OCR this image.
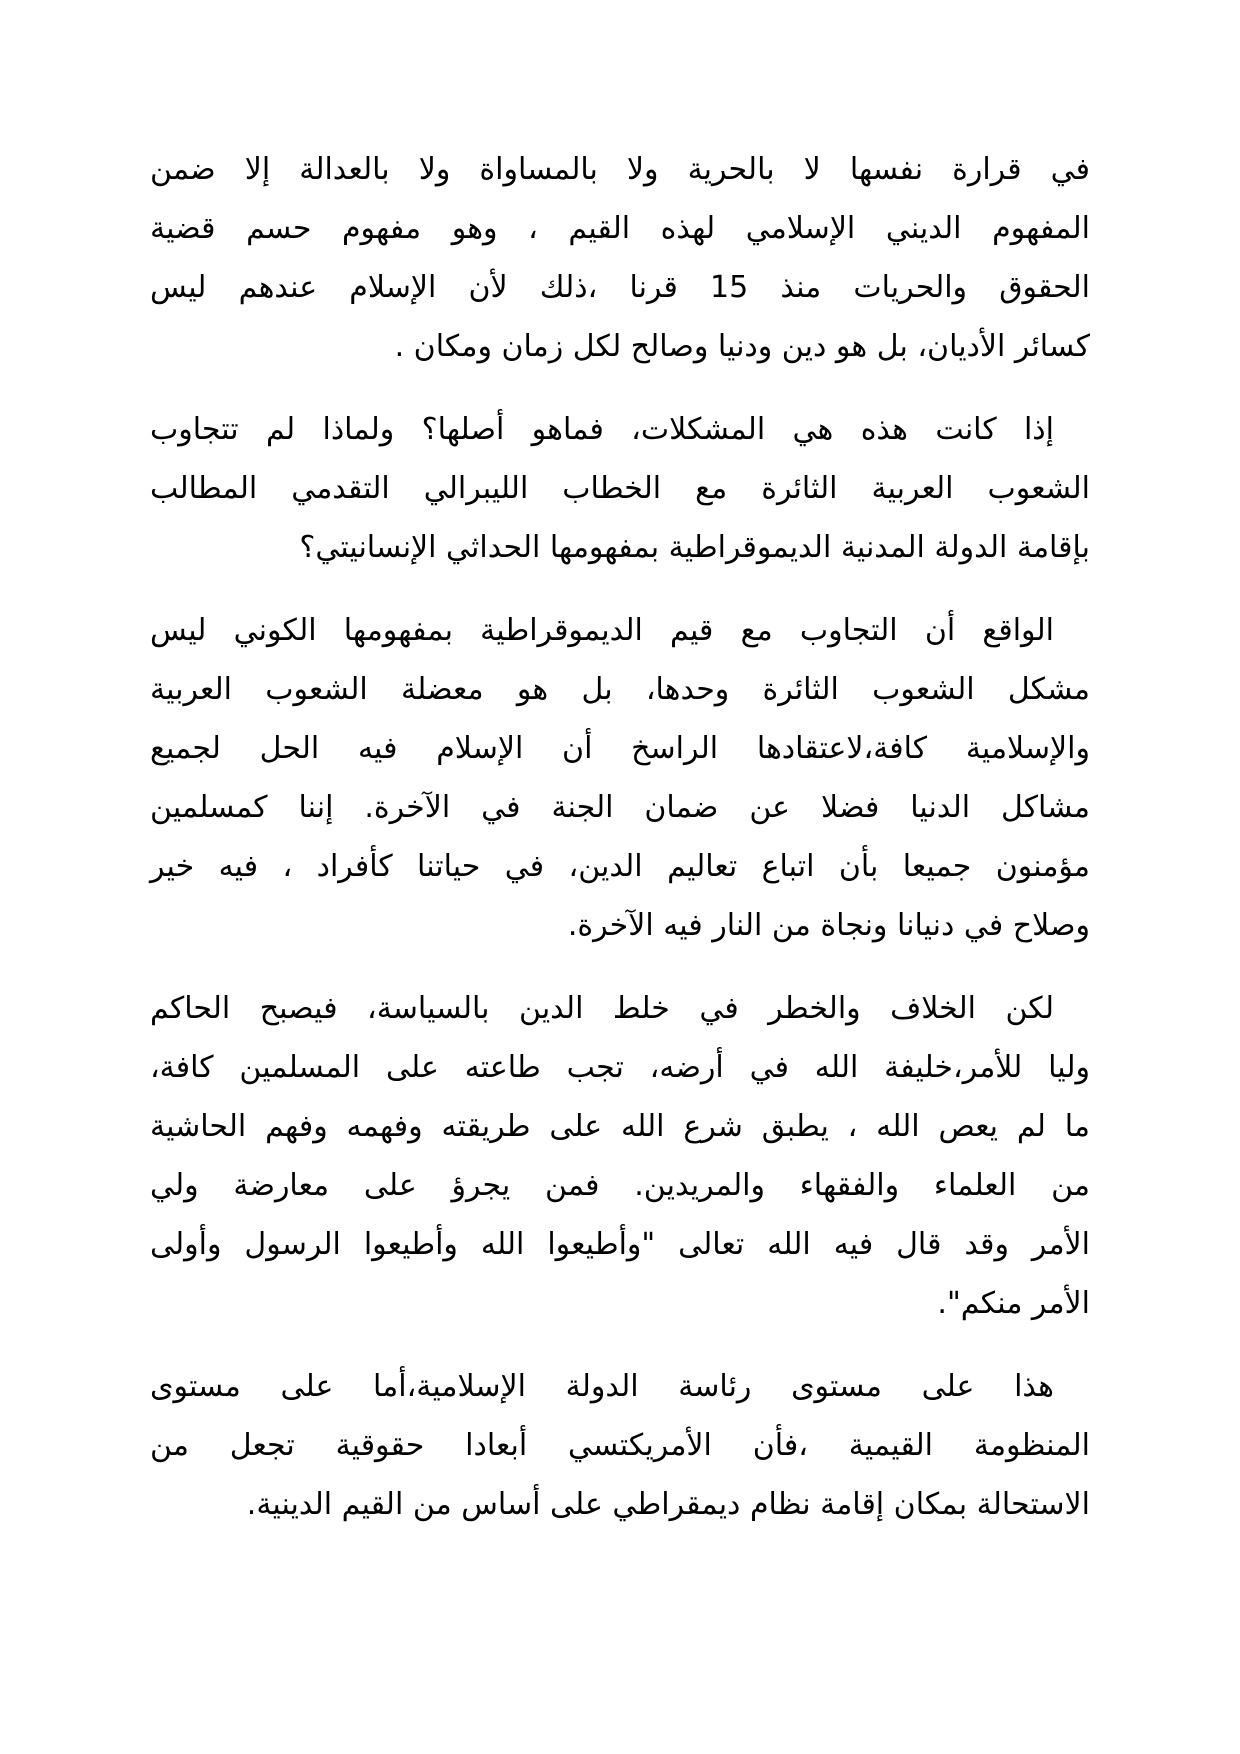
في قرارة نفسها لا بالحرية ولا بالمساواة ولا بالعدالة إلا ضمن
المفهوم الديني الإسلامي لهذه القيم ، وهو مفهوم حسم قضية
الحقوق والحريات منذ 15 قرنا ،ذلك لأن الإسلام عندهم ليس
كسائر الأديان، بل هو دين ودنيا وصالح لكل زمان ومكان .

إذا كانت هذه هي المشكلات، فماهو أصلها؟ ولماذا لم تتجاوب
الشعوب العربية الثائرة مع الخطاب الليبرالي التقدمي المطالب
بإقامة الدولة المدنية الديموقراطية بمفهومها الحداثي الإنسانيتي؟

الواقع أن التجاوب مع قيم الديموقراطية بمفهومها الكوني ليس
مشكل الشعوب الثائرة وحدها، بل هو معضلة الشعوب العربية
والإسلامية كافة،لاعتقادها الراسخ أن الإسلام فيه الحل لجميع
مشاكل الدنيا فضلا عن ضمان الجنة في الآخرة. إننا كمسلمين
مؤمنون جميعا بأن اتباع تعاليم الدين، في حياتنا كأفراد ، فيه خير
وصلاح في دنيانا ونجاة من النار فيه الآخرة.

لكن الخلاف والخطر في خلط الدين بالسياسة، فيصبح الحاكم
وليا للأمر،خليفة الله في أرضه، تجب طاعته على المسلمين كافة،
ما لم يعص الله ، يطبق شرع الله على طريقته وفهمه وفهم الحاشية
من العلماء والفقهاء والمريدين. فمن يجرؤ على معارضة ولي
الأمر وقد قال فيه الله تعالى "وأطيعوا الله وأطيعوا الرسول وأولى
الأمر منكم".

هذا على مستوى رئاسة الدولة الإسلامية،أما على مستوى
المنظومة القيمية ،فأن الأمريكتسي أبعادا حقوقية تجعل من
الاستحالة بمكان إقامة نظام ديمقراطي على أساس من القيم الدينية.
